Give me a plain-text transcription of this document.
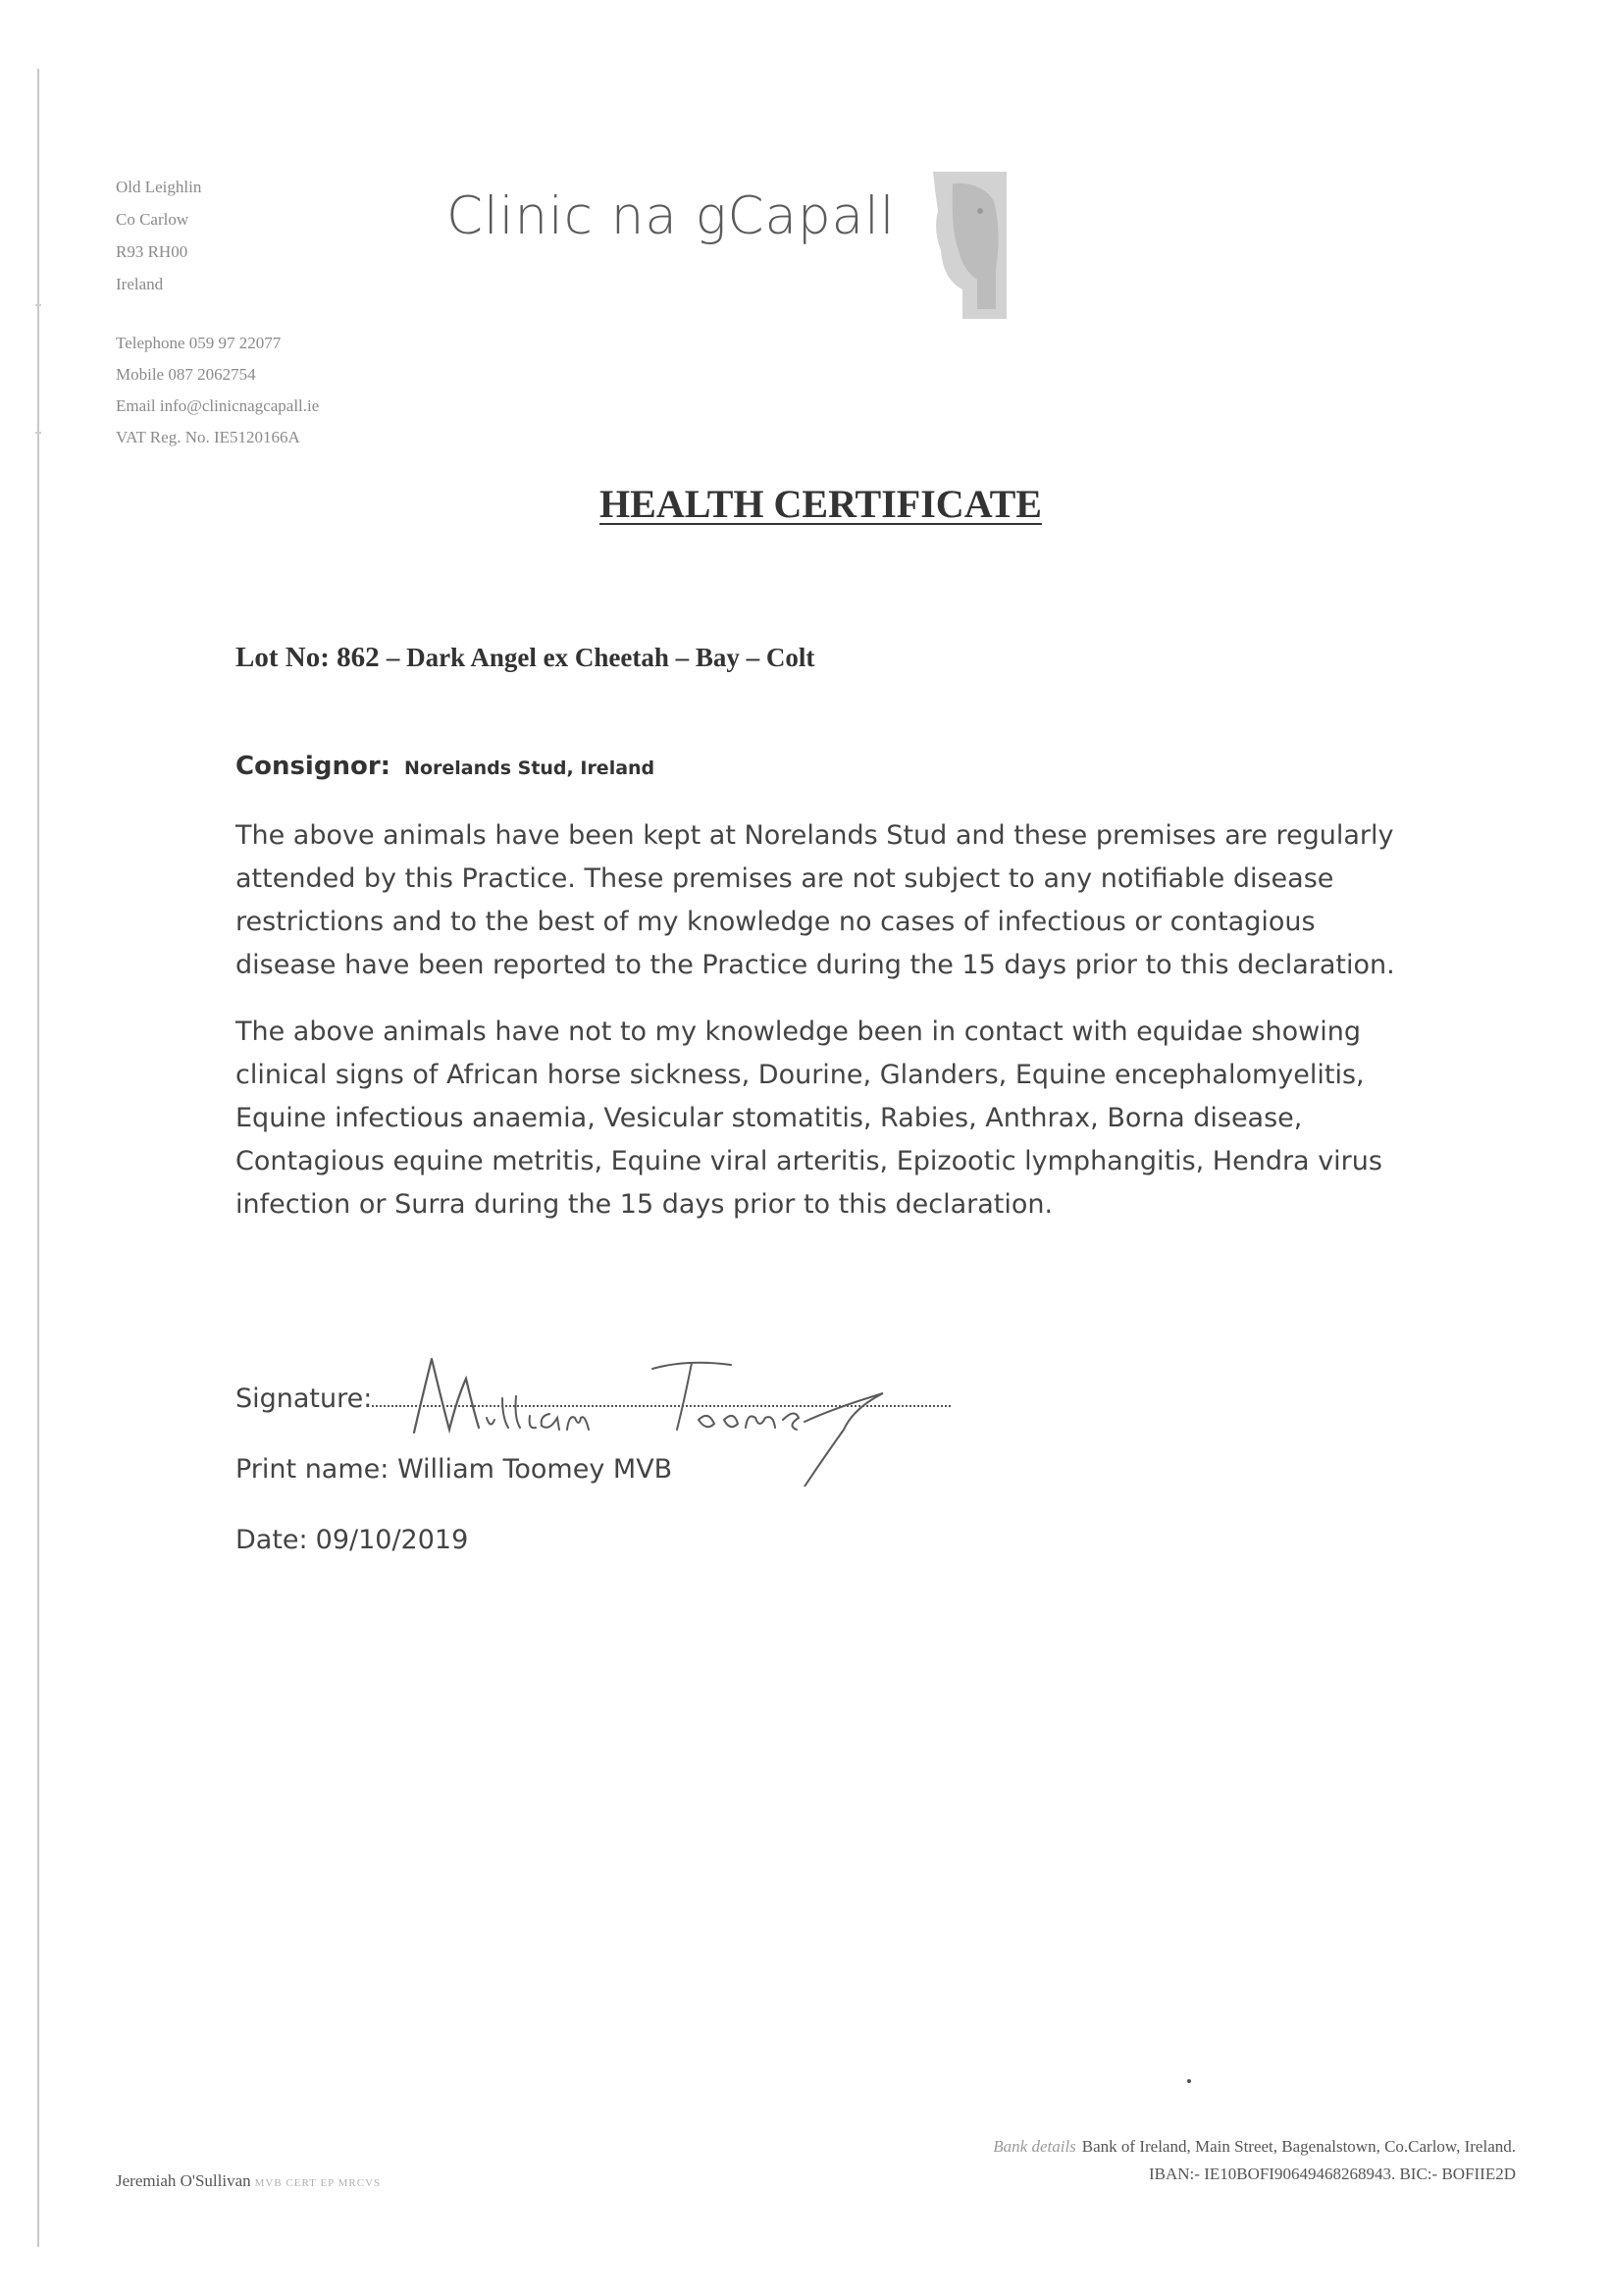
Old Leighlin
Co Carlow
R93 RH00
Ireland
Telephone 059 97 22077
Mobile 087 2062754
Email info@clinicnagcapall.ie
VAT Reg. No. IE5120166A
Clinic na gCapall
HEALTH CERTIFICATE
Lot No: 862 – Dark Angel ex Cheetah – Bay – Colt
Consignor: Norelands Stud, Ireland
The above animals have been kept at Norelands Stud and these premises are regularly attended by this Practice. These premises are not subject to any notifiable disease restrictions and to the best of my knowledge no cases of infectious or contagious disease have been reported to the Practice during the 15 days prior to this declaration.
The above animals have not to my knowledge been in contact with equidae showing clinical signs of African horse sickness, Dourine, Glanders, Equine encephalomyelitis, Equine infectious anaemia, Vesicular stomatitis, Rabies, Anthrax, Borna disease, Contagious equine metritis, Equine viral arteritis, Epizootic lymphangitis, Hendra virus infection or Surra during the 15 days prior to this declaration.
Signature:
Print name: William Toomey MVB
Date: 09/10/2019
Jeremiah O'Sullivan MVB CERT EP MRCVS
Bank details Bank of Ireland, Main Street, Bagenalstown, Co.Carlow, Ireland.
IBAN:- IE10BOFI90649468268943. BIC:- BOFIIE2D
